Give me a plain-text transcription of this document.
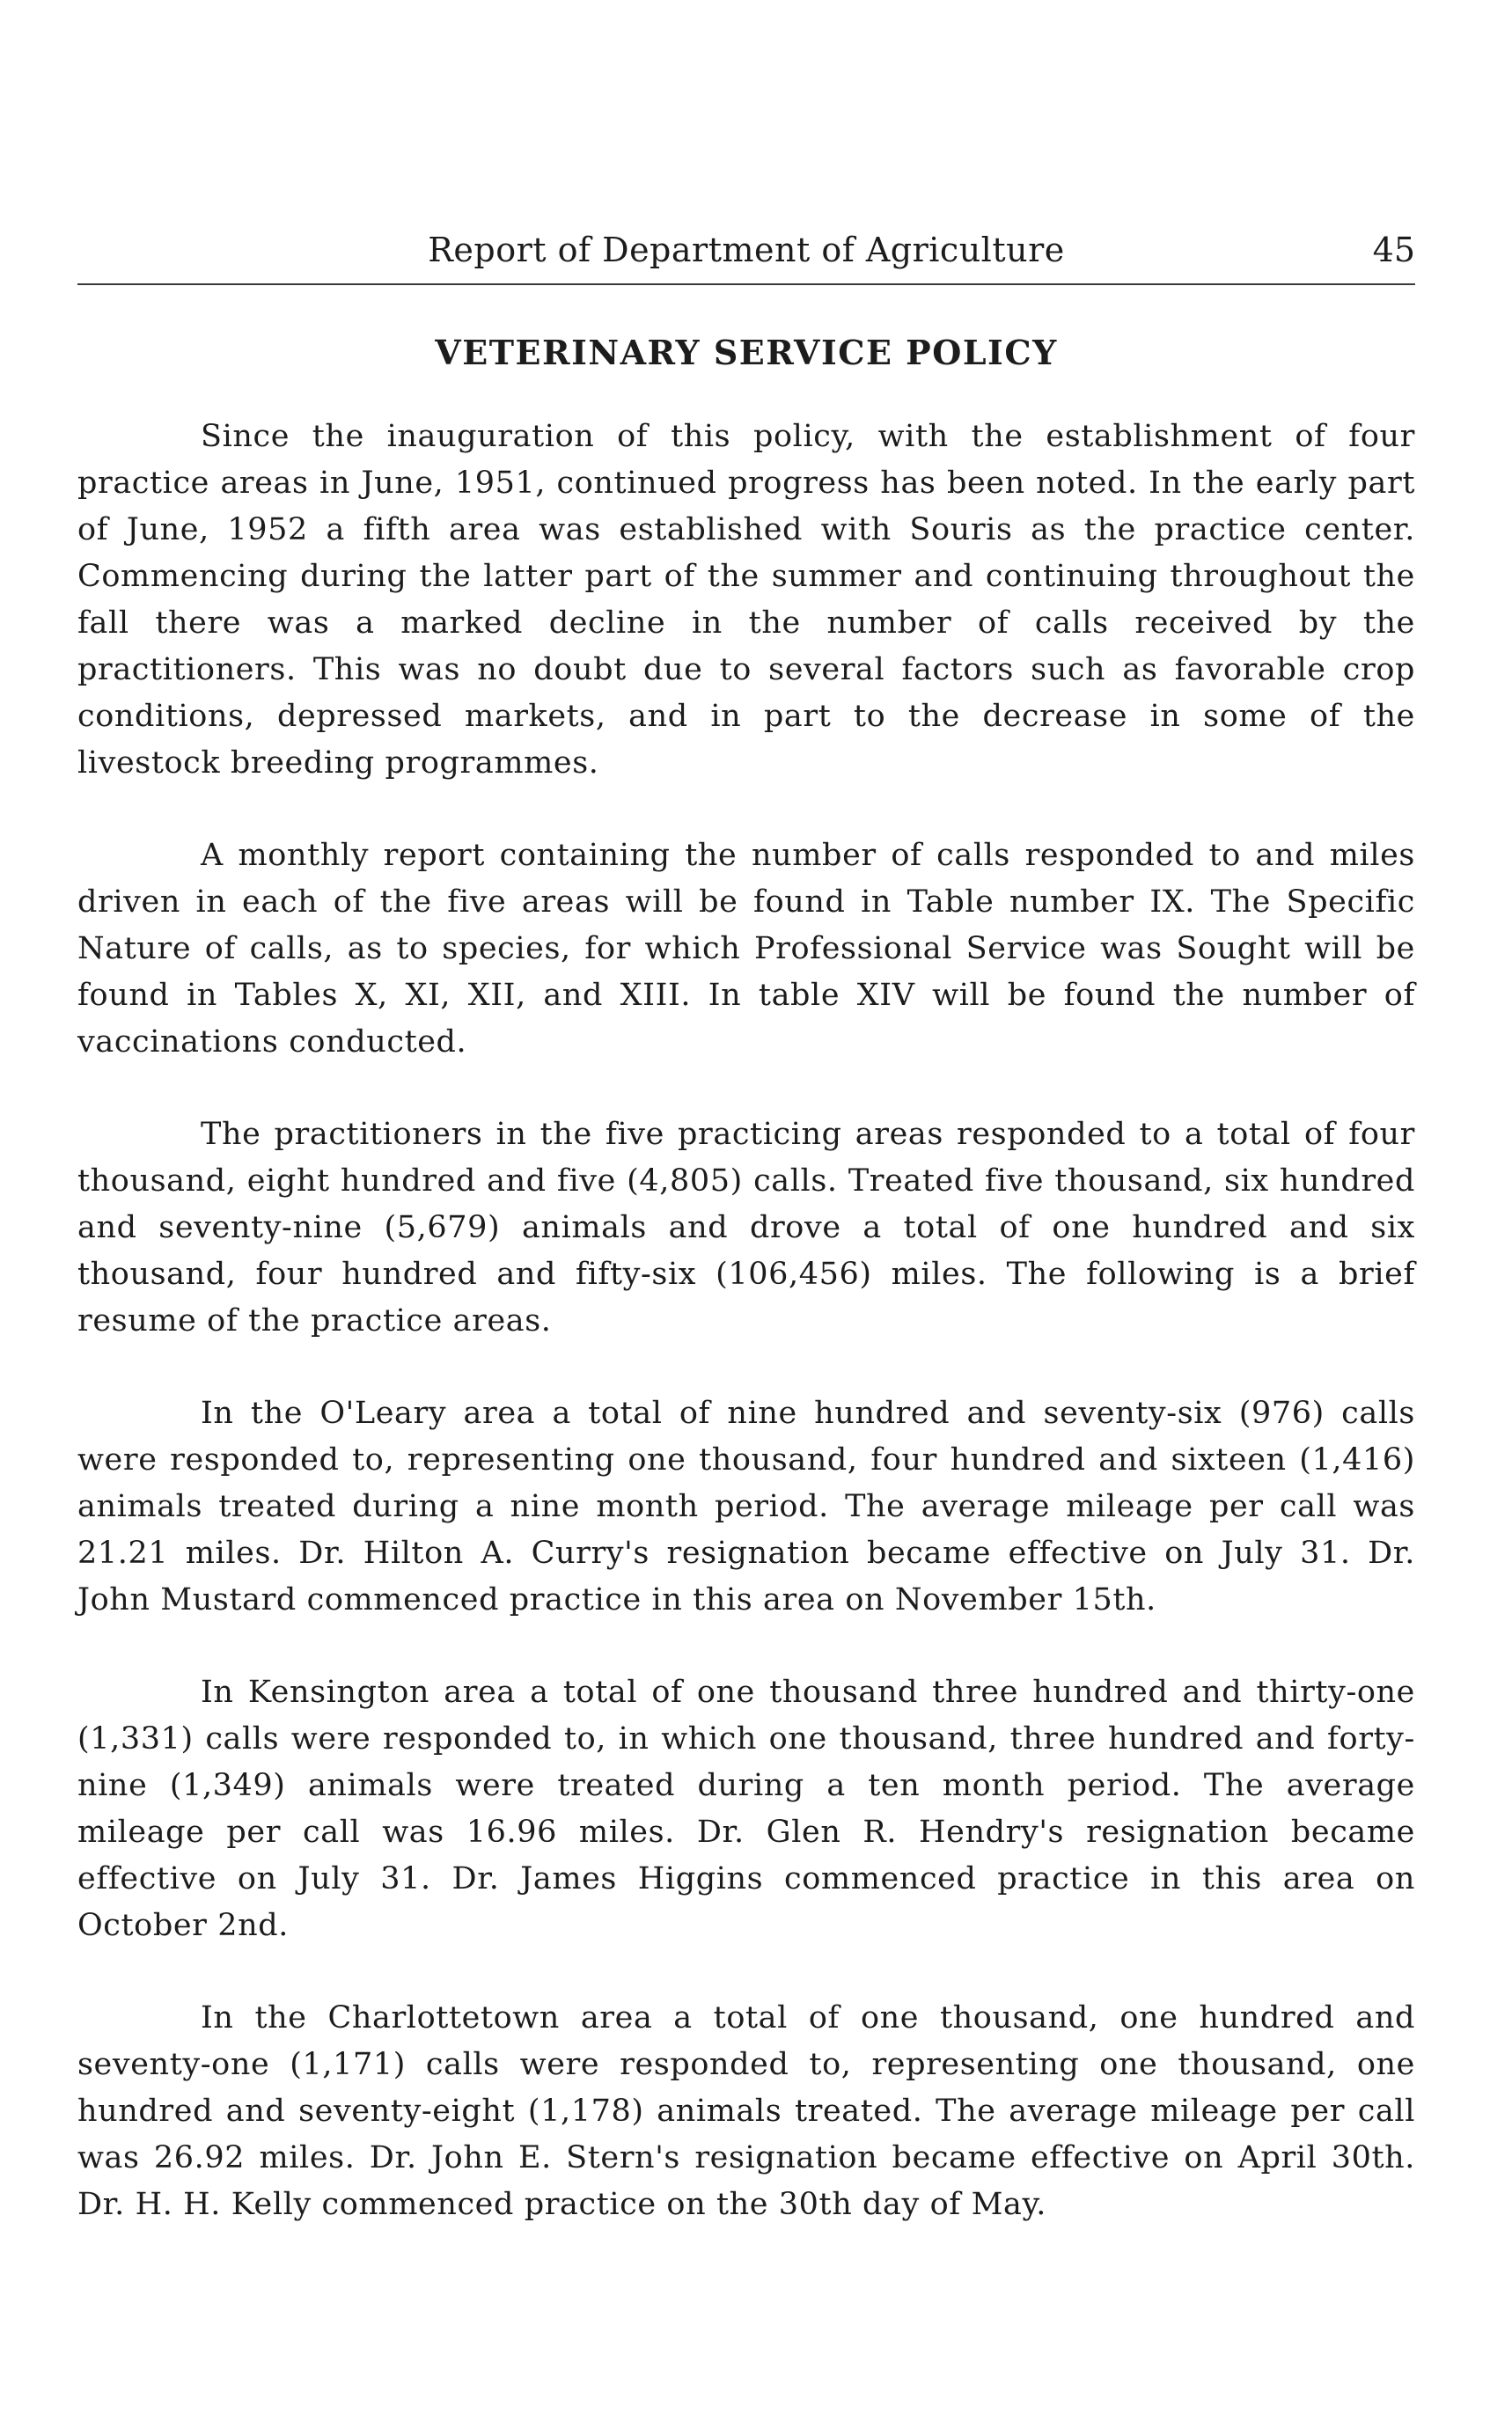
Report of Department of Agriculture	45
VETERINARY SERVICE POLICY

Since the inauguration of this policy, with the establishment of four practice areas in June, 1951, continued progress has been noted. In the early part of June, 1952 a fifth area was established with Souris as the practice center. Commencing during the latter part of the summer and continuing throughout the fall there was a marked decline in the number of calls received by the practitioners. This was no doubt due to several factors such as favorable crop conditions, depressed markets, and in part to the decrease in some of the livestock breeding programmes.

A monthly report containing the number of calls responded to and miles driven in each of the five areas will be found in Table number IX. The Specific Nature of calls, as to species, for which Professional Service was Sought will be found in Tables X, XI, XII, and XIII. In table XIV will be found the number of vaccinations conducted.

The practitioners in the five practicing areas responded to a total of four thousand, eight hundred and five (4,805) calls. Treated five thousand, six hundred and seventy-nine (5,679) animals and drove a total of one hundred and six thousand, four hundred and fifty-six (106,456) miles. The following is a brief resume of the practice areas.

In the O'Leary area a total of nine hundred and seventy-six (976) calls were responded to, representing one thousand, four hundred and sixteen (1,416) animals treated during a nine month period. The average mileage per call was 21.21 miles. Dr. Hilton A. Curry's resignation became effective on July 31. Dr. John Mustard commenced practice in this area on November 15th.

In Kensington area a total of one thousand three hundred and thirty-one (1,331) calls were responded to, in which one thousand, three hundred and forty-nine (1,349) animals were treated during a ten month period. The average mileage per call was 16.96 miles. Dr. Glen R. Hendry's resignation became effective on July 31. Dr. James Higgins commenced practice in this area on October 2nd.

In the Charlottetown area a total of one thousand, one hundred and seventy-one (1,171) calls were responded to, representing one thousand, one hundred and seventy-eight (1,178) animals treated. The average mileage per call was 26.92 miles. Dr. John E. Stern's resignation became effective on April 30th. Dr. H. H. Kelly commenced practice on the 30th day of May.
